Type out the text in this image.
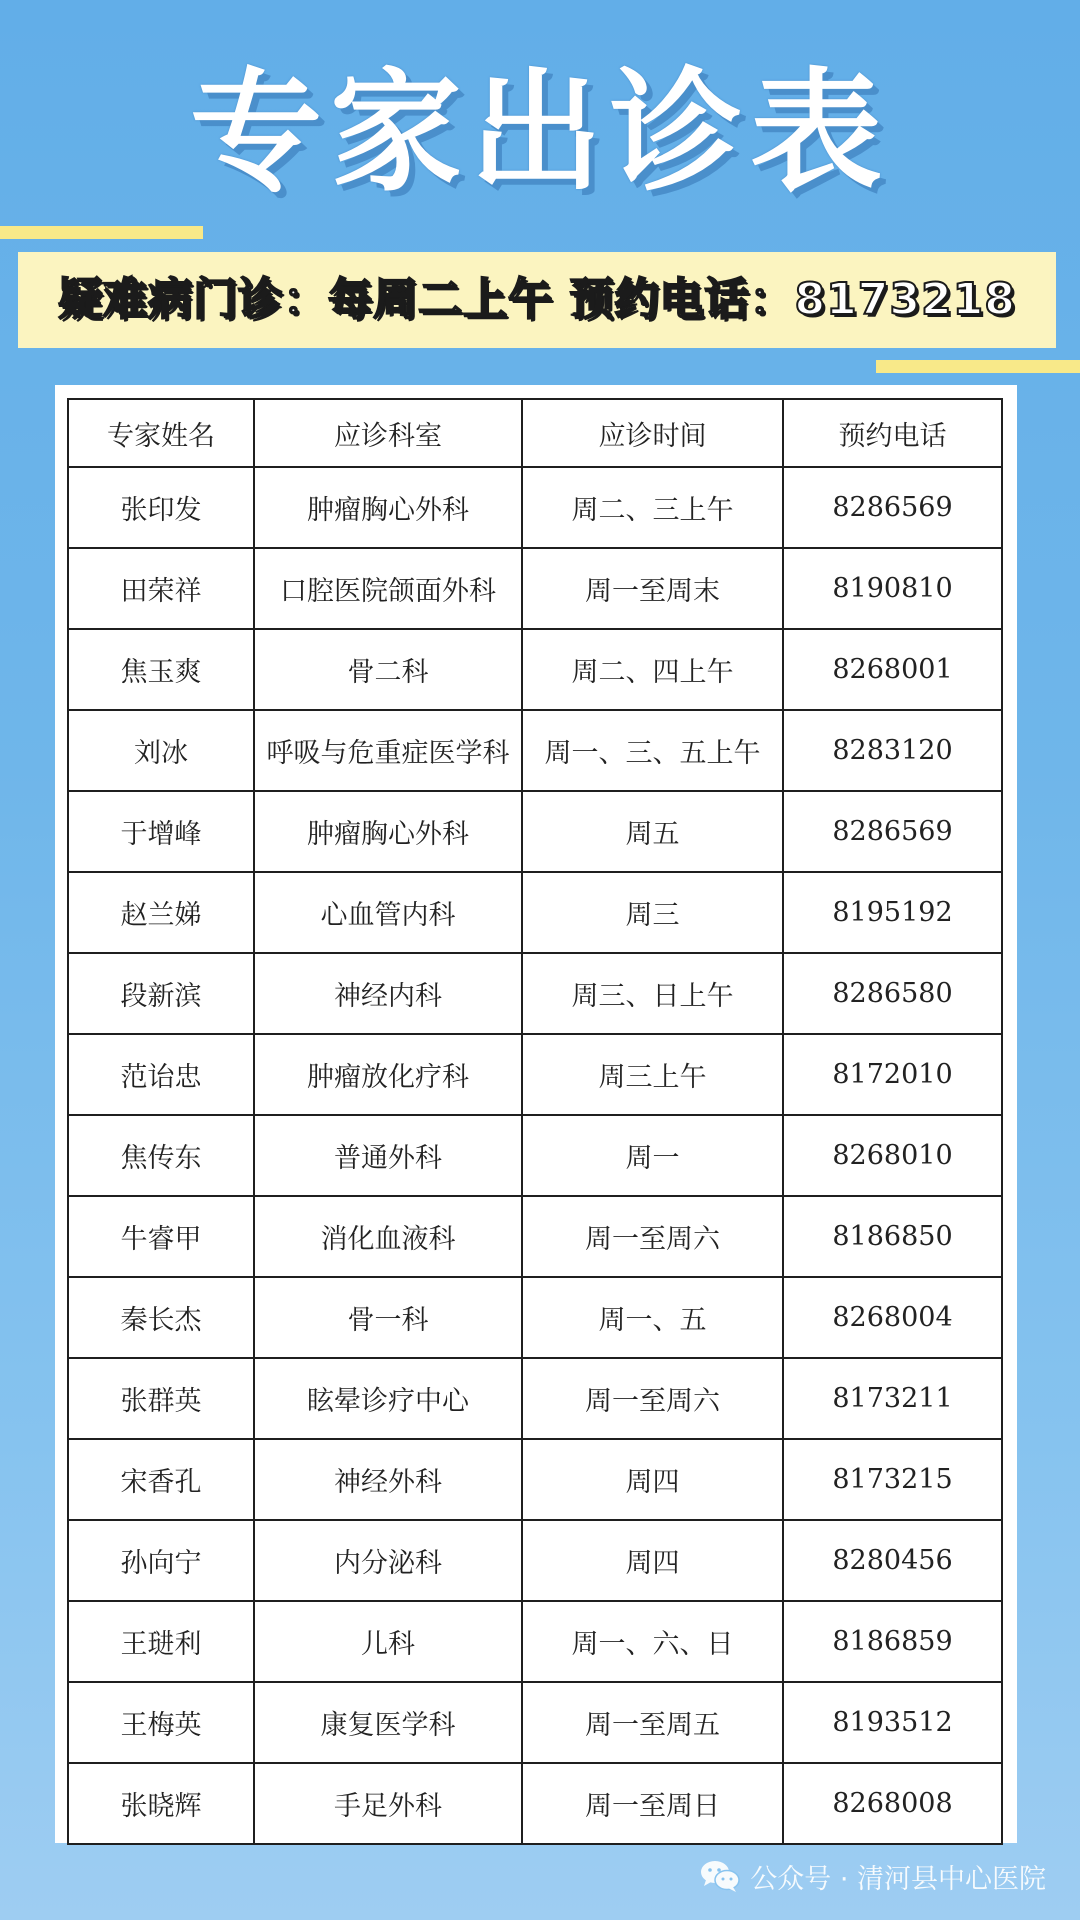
专家出诊表
疑难病门诊：每周二上午 预约电话：8173218
专家姓名	应诊科室	应诊时间	预约电话
张印发	肿瘤胸心外科	周二、三上午	8286569
田荣祥	口腔医院颌面外科	周一至周末	8190810
焦玉爽	骨二科	周二、四上午	8268001
刘冰	呼吸与危重症医学科	周一、三、五上午	8283120
于增峰	肿瘤胸心外科	周五	8286569
赵兰娣	心血管内科	周三	8195192
段新滨	神经内科	周三、日上午	8286580
范诒忠	肿瘤放化疗科	周三上午	8172010
焦传东	普通外科	周一	8268010
牛睿甲	消化血液科	周一至周六	8186850
秦长杰	骨一科	周一、五	8268004
张群英	眩晕诊疗中心	周一至周六	8173211
宋香孔	神经外科	周四	8173215
孙向宁	内分泌科	周四	8280456
王琎利	儿科	周一、六、日	8186859
王梅英	康复医学科	周一至周五	8193512
张晓辉	手足外科	周一至周日	8268008
公众号 · 清河县中心医院
